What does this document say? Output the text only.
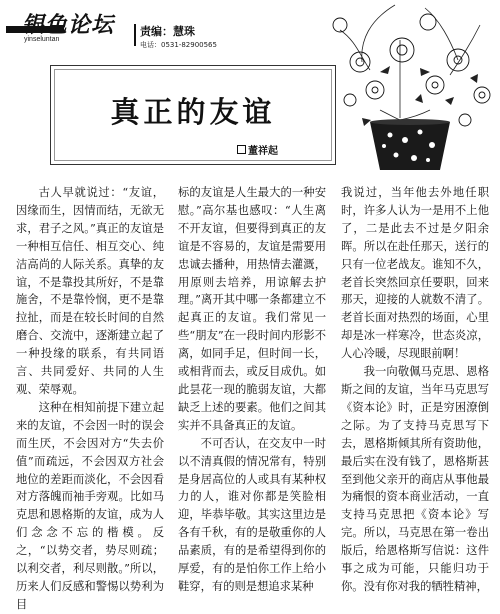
银色论坛
yinseluntan
责编：慧珠
电话：0531-82900565
真正的友谊
董祥起

古人早就说过：“友谊，因缘而生，因情而结，无欲无求，君子之风。”真正的友谊是一种相互信任、相互交心、纯洁高尚的人际关系。真挚的友谊，不是靠投其所好，不是靠施舍，不是靠怜悯，更不是靠拉扯，而是在较长时间的自然磨合、交流中，逐渐建立起了一种投缘的联系，有共同语言、共同爱好、共同的人生观、荣辱观。

这种在相知前提下建立起来的友谊，不会因一时的误会而生厌，不会因对方“失去价值”而疏远，不会因双方社会地位的差距而淡化，不会因看对方落魄而袖手旁观。比如马克思和恩格斯的友谊，成为人们念念不忘的楷模。反之，“以势交者，势尽则疏；以利交者，利尽则散。”所以，历来人们反感和警惕以势利为目

标的友谊是人生最大的一种安慰。”高尔基也感叹：“人生离不开友谊，但要得到真正的友谊是不容易的，友谊是需要用忠诚去播种，用热情去灌溉，用原则去培养，用谅解去护理。”离开其中哪一条都建立不起真正的友谊。我们常见一些“朋友”在一段时间内形影不离，如同手足，但时间一长，或相背而去，或反目成仇。如此昙花一现的脆弱友谊，大都缺乏上述的要素。他们之间其实并不具备真正的友谊。

不可否认，在交友中一时以不清真假的情况常有，特别是身居高位的人或具有某种权力的人，谁对你都是笑脸相迎，毕恭毕敬。其实这里边是各有千秋，有的是敬重你的人品素质，有的是希望得到你的厚爱，有的是怕你工作上给小鞋穿，有的则是想追求某种

我说过，当年他去外地任职时，许多人认为一是用不上他了，二是此去不过是夕阳余晖。所以在赴任那天，送行的只有一位老战友。谁知不久，老首长突然回京任要职，回来那天，迎接的人就数不清了。老首长面对热烈的场面，心里却是冰一样寒冷，世态炎凉，人心冷暖，尽现眼前啊！

我一向敬佩马克思、恩格斯之间的友谊，当年马克思写《资本论》时，正是穷困潦倒之际。为了支持马克思写下去，恩格斯倾其所有资助他，最后实在没有钱了，恩格斯甚至到他父亲开的商店从事他最为痛恨的资本商业活动，一直支持马克思把《资本论》写完。所以，马克思在第一卷出版后，给恩格斯写信说：这件事之成为可能，只能归功于你。没有你对我的牺牲精神，
